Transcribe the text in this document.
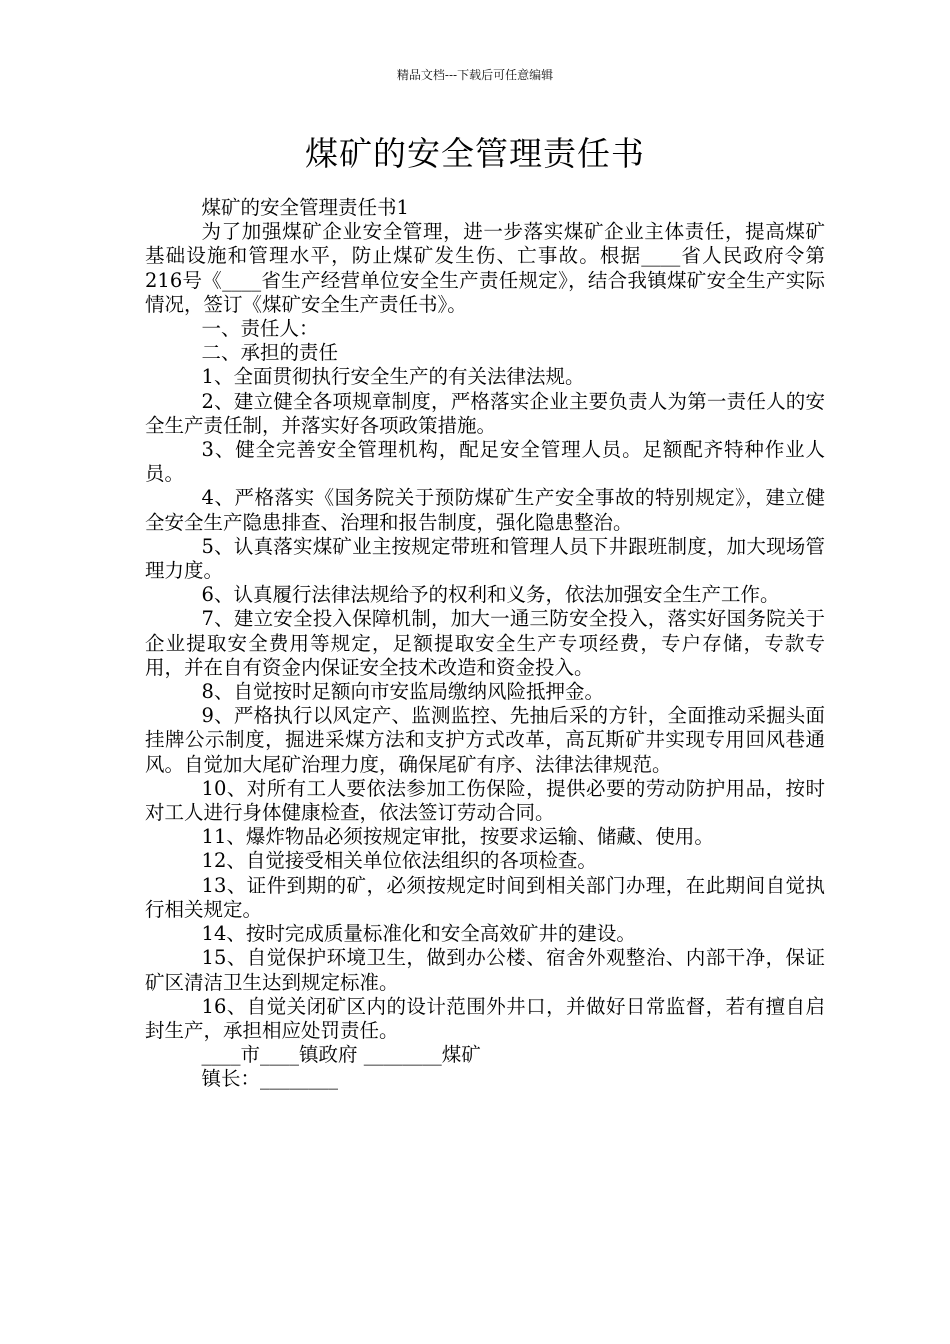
精品文档---下载后可任意编辑
煤矿的安全管理责任书

煤矿的安全管理责任书1

为了加强煤矿企业安全管理，进一步落实煤矿企业主体责任，提高煤矿基础设施和管理水平，防止煤矿发生伤、亡事故。根据____省人民政府令第216号《____省生产经营单位安全生产责任规定》，结合我镇煤矿安全生产实际情况，签订《煤矿安全生产责任书》。

一、责任人：

二、承担的责任

1、全面贯彻执行安全生产的有关法律法规。

2、建立健全各项规章制度，严格落实企业主要负责人为第一责任人的安全生产责任制，并落实好各项政策措施。

3、健全完善安全管理机构，配足安全管理人员。足额配齐特种作业人员。

4、严格落实《国务院关于预防煤矿生产安全事故的特别规定》，建立健全安全生产隐患排查、治理和报告制度，强化隐患整治。

5、认真落实煤矿业主按规定带班和管理人员下井跟班制度，加大现场管理力度。

6、认真履行法律法规给予的权利和义务，依法加强安全生产工作。

7、建立安全投入保障机制，加大一通三防安全投入，落实好国务院关于企业提取安全费用等规定，足额提取安全生产专项经费，专户存储，专款专用，并在自有资金内保证安全技术改造和资金投入。

8、自觉按时足额向市安监局缴纳风险抵押金。

9、严格执行以风定产、监测监控、先抽后采的方针，全面推动采掘头面挂牌公示制度，掘进采煤方法和支护方式改革，高瓦斯矿井实现专用回风巷通风。自觉加大尾矿治理力度，确保尾矿有序、法律法律规范。

10、对所有工人要依法参加工伤保险，提供必要的劳动防护用品，按时对工人进行身体健康检查，依法签订劳动合同。

11、爆炸物品必须按规定审批，按要求运输、储藏、使用。

12、自觉接受相关单位依法组织的各项检查。

13、证件到期的矿，必须按规定时间到相关部门办理，在此期间自觉执行相关规定。

14、按时完成质量标准化和安全高效矿井的建设。

15、自觉保护环境卫生，做到办公楼、宿舍外观整治、内部干净，保证矿区清洁卫生达到规定标准。

16、自觉关闭矿区内的设计范围外井口，并做好日常监督，若有擅自启封生产，承担相应处罚责任。

____市____镇政府 ________煤矿

镇长：________
